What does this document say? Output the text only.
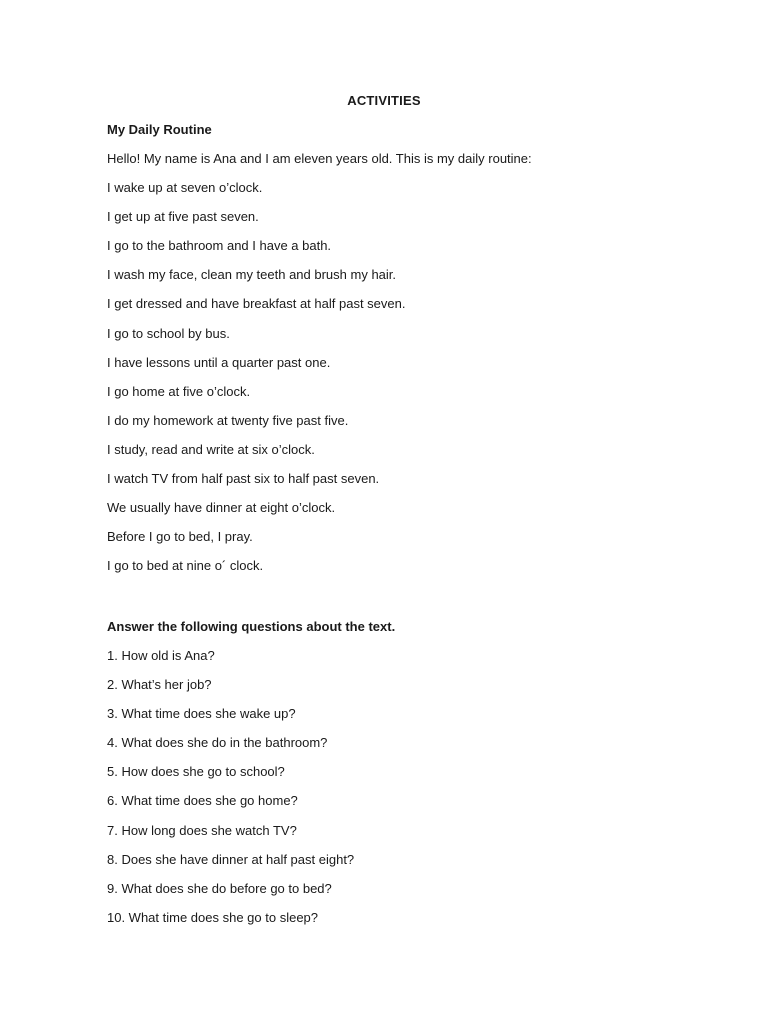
ACTIVITIES
My Daily Routine
Hello! My name is Ana and I am eleven years old. This is my daily routine:
I wake up at seven o’clock.
I get up at five past seven.
I go to the bathroom and I have a bath.
I wash my face, clean my teeth and brush my hair.
I get dressed and have breakfast at half past seven.
I go to school by bus.
I have lessons until a quarter past one.
I go home at five o’clock.
I do my homework at twenty five past five.
I study, read and write at six o’clock.
I watch TV from half past six to half past seven.
We usually have dinner at eight o’clock.
Before I go to bed, I pray.
I go to bed at nine o´ clock.
Answer the following questions about the text.
1. How old is Ana?
2. What’s her job?
3. What time does she wake up?
4. What does she do in the bathroom?
5. How does she go to school?
6. What time does she go home?
7. How long does she watch TV?
8. Does she have dinner at half past eight?
9. What does she do before go to bed?
10. What time does she go to sleep?
